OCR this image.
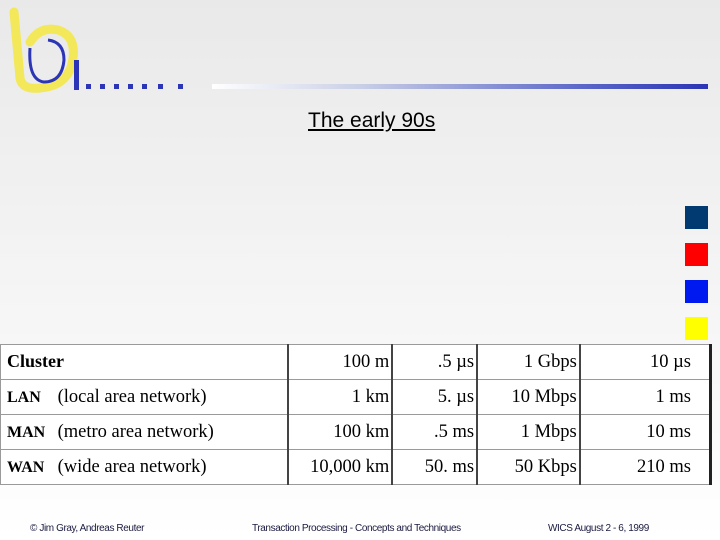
The early 90s
Cluster	100 m	.5 µs	1 Gbps	10 µs
LAN (local area network)	1 km	5. µs	10 Mbps	1 ms
MAN (metro area network)	100 km	.5 ms	1 Mbps	10 ms
WAN (wide area network)	10,000 km	50. ms	50 Kbps	210 ms
© Jim Gray, Andreas Reuter	Transaction Processing - Concepts and Techniques	WICS August 2 - 6, 1999
